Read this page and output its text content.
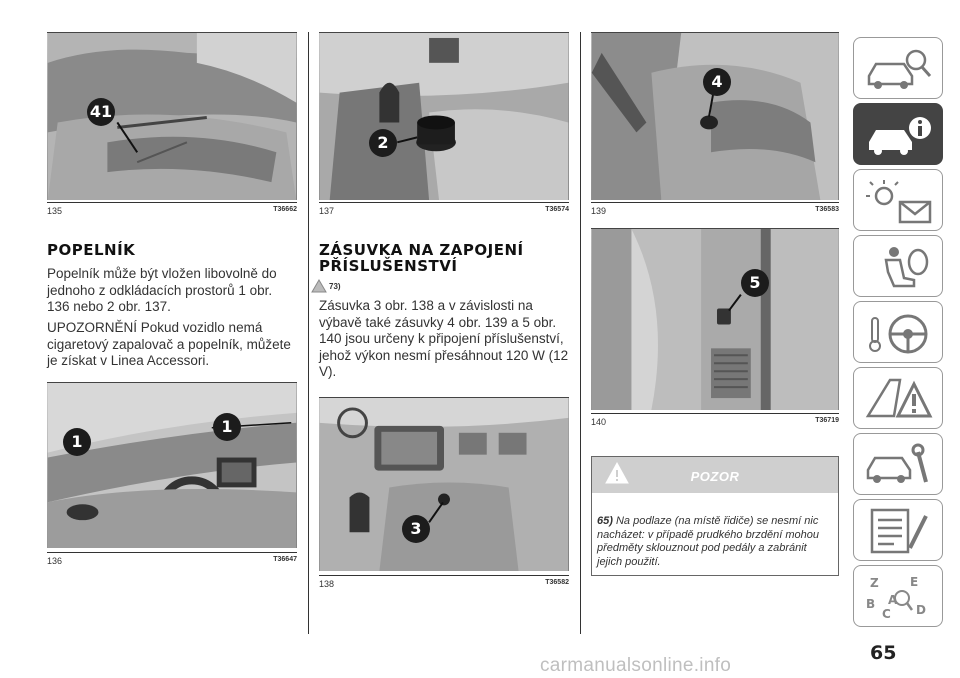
41
135	T36662
POPELNÍK

Popelník může být vložen libovolně do jednoho z odkládacích prostorů 1 obr. 136 nebo 2 obr. 137.

UPOZORNĚNÍ Pokud vozidlo nemá cigaretový zapalovač a popelník, můžete je získat v Linea Accessori.

1
1
136	T36647
2
137	T36574
ZÁSUVKA NA ZAPOJENÍ
PŘÍSLUŠENSTVÍ
73)

Zásuvka 3 obr. 138 a v závislosti na výbavě také zásuvky 4 obr. 139 a 5 obr. 140 jsou určeny k připojení příslušenství, jehož výkon nesmí přesáhnout 120 W (12 V).

3
138	T36582
4
139	T36583
5
140	T36719
POZOR

65) Na podlaze (na místě řidiče) se nesmí nic nacházet: v případě prudkého brzdění mohou předměty sklouznout pod pedály a zabránit jejich použití.

Z	E
B A
C D
65
carmanualsonline.info
